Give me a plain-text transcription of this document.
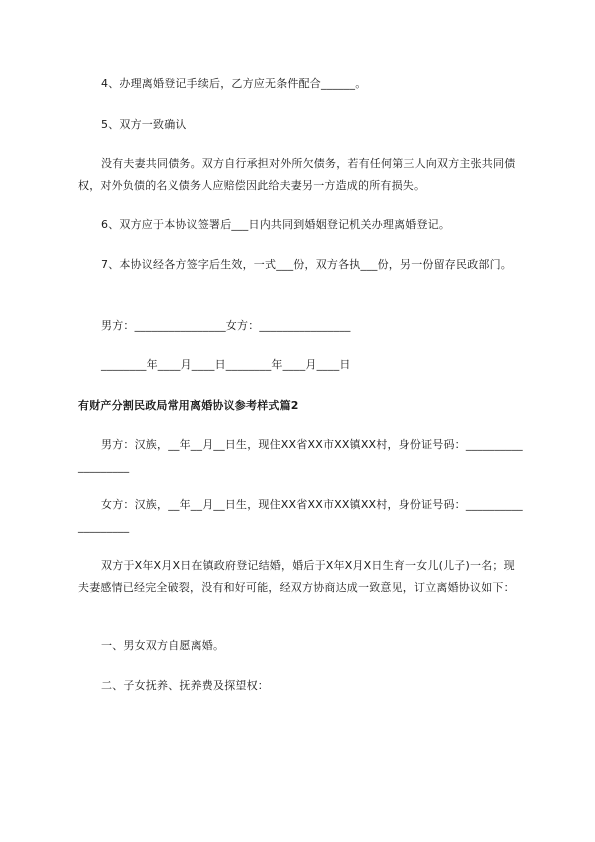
4、办理离婚登记手续后，乙方应无条件配合______。

5、双方一致确认

没有夫妻共同债务。双方自行承担对外所欠债务，若有任何第三人向双方主张共同债权，对外负债的名义债务人应赔偿因此给夫妻另一方造成的所有损失。

6、双方应于本协议签署后___日内共同到婚姻登记机关办理离婚登记。

7、本协议经各方签字后生效，一式___份，双方各执___份，另一份留存民政部门。

男方：________________女方：________________

________年____月____日________年____月____日

有财产分割民政局常用离婚协议参考样式篇2

男方：汉族，__年__月__日生，现住XX省XX市XX镇XX村，身份证号码：___________________

女方：汉族，__年__月__日生，现住XX省XX市XX镇XX村，身份证号码：___________________

双方于X年X月X日在镇政府登记结婚，婚后于X年X月X日生育一女儿(儿子)一名；现夫妻感情已经完全破裂，没有和好可能，经双方协商达成一致意见，订立离婚协议如下：

一、男女双方自愿离婚。

二、子女抚养、抚养费及探望权：
